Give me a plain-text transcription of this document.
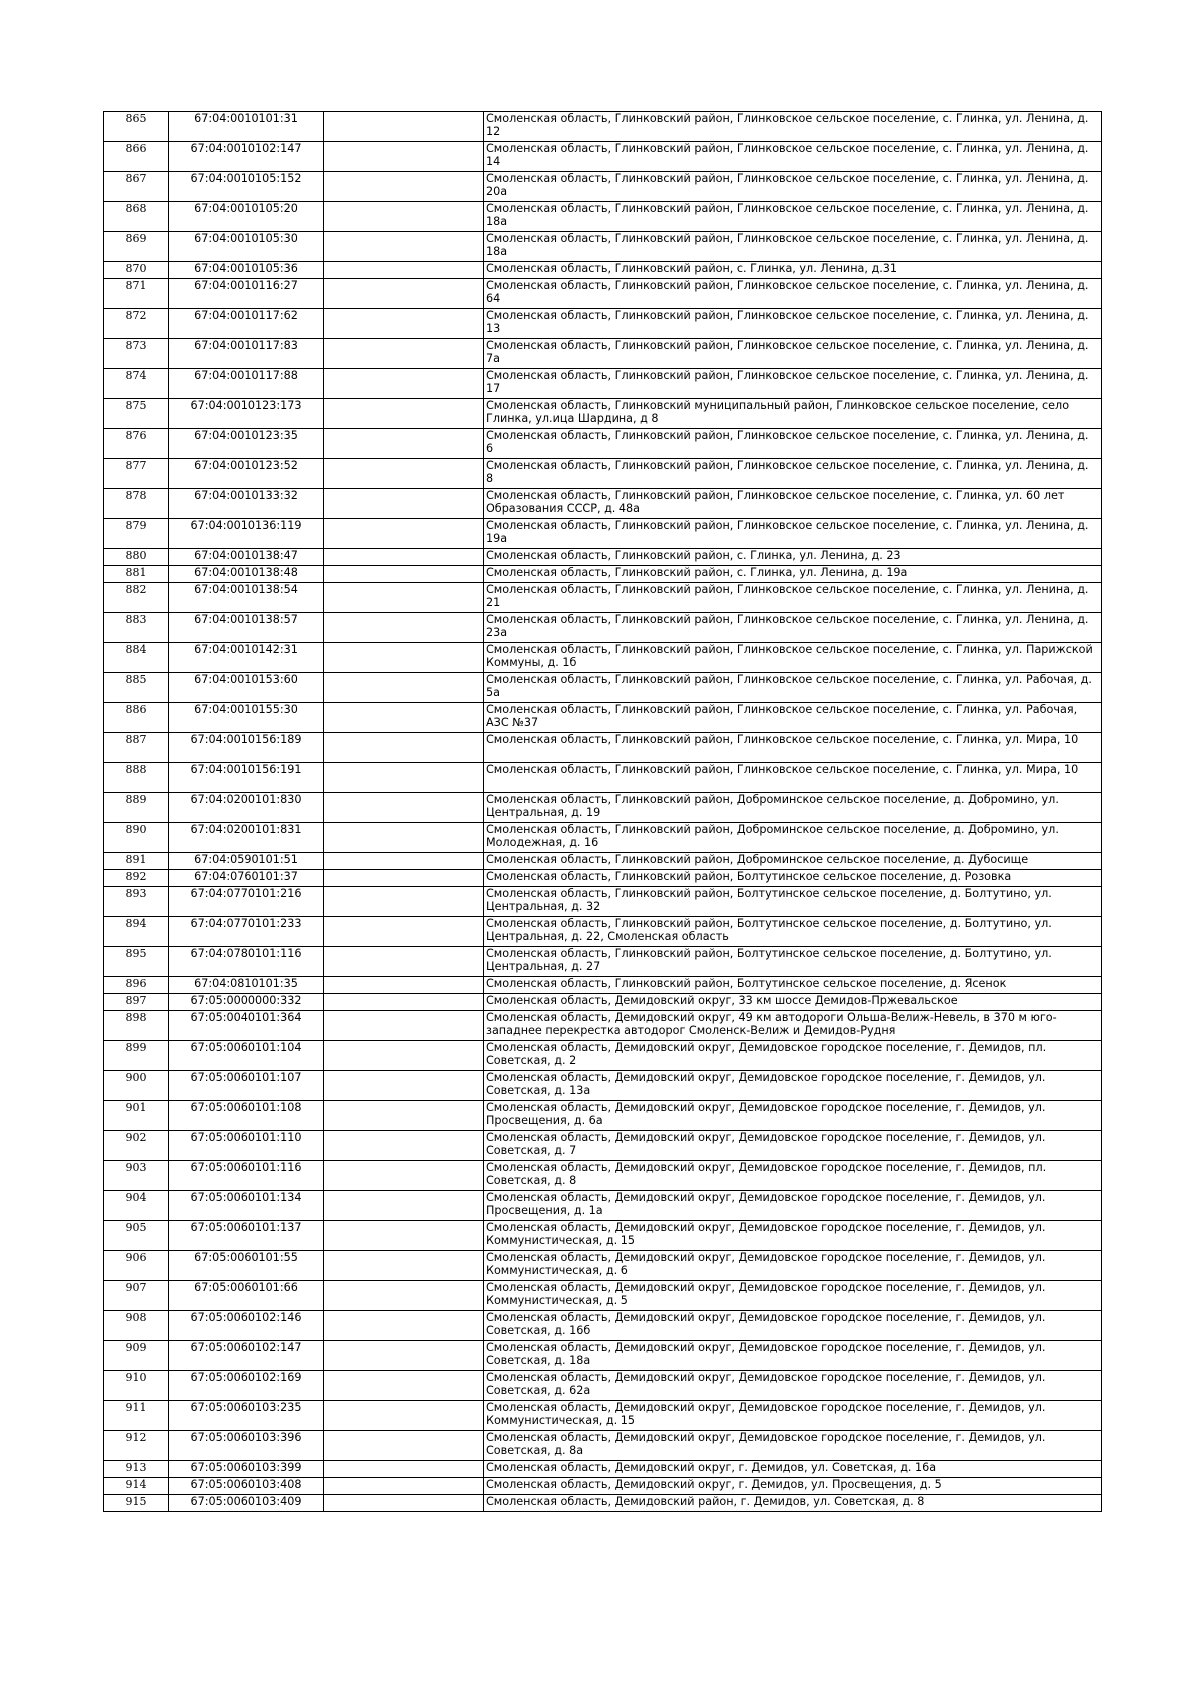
865	67:04:0010101:31		Смоленская область, Глинковский район, Глинковское сельское поселение, с. Глинка, ул. Ленина, д. 12

866	67:04:0010102:147		Смоленская область, Глинковский район, Глинковское сельское поселение, с. Глинка, ул. Ленина, д. 14

867	67:04:0010105:152		Смоленская область, Глинковский район, Глинковское сельское поселение, с. Глинка, ул. Ленина, д. 20а

868	67:04:0010105:20		Смоленская область, Глинковский район, Глинковское сельское поселение, с. Глинка, ул. Ленина, д. 18а

869	67:04:0010105:30		Смоленская область, Глинковский район, Глинковское сельское поселение, с. Глинка, ул. Ленина, д. 18а

870	67:04:0010105:36		Смоленская область, Глинковский район, с. Глинка, ул. Ленина, д.31

871	67:04:0010116:27		Смоленская область, Глинковский район, Глинковское сельское поселение, с. Глинка, ул. Ленина, д. 64

872	67:04:0010117:62		Смоленская область, Глинковский район, Глинковское сельское поселение, с. Глинка, ул. Ленина, д. 13

873	67:04:0010117:83		Смоленская область, Глинковский район, Глинковское сельское поселение, с. Глинка, ул. Ленина, д. 7а

874	67:04:0010117:88		Смоленская область, Глинковский район, Глинковское сельское поселение, с. Глинка, ул. Ленина, д. 17

875	67:04:0010123:173		Смоленская область, Глинковский муниципальный район, Глинковское сельское поселение, село Глинка, ул.ица Шардина, д 8

876	67:04:0010123:35		Смоленская область, Глинковский район, Глинковское сельское поселение, с. Глинка, ул. Ленина, д. 6

877	67:04:0010123:52		Смоленская область, Глинковский район, Глинковское сельское поселение, с. Глинка, ул. Ленина, д. 8

878	67:04:0010133:32		Смоленская область, Глинковский район, Глинковское сельское поселение, с. Глинка, ул. 60 лет Образования СССР, д. 48а

879	67:04:0010136:119		Смоленская область, Глинковский район, Глинковское сельское поселение, с. Глинка, ул. Ленина, д. 19а

880	67:04:0010138:47		Смоленская область, Глинковский район, с. Глинка, ул. Ленина, д. 23

881	67:04:0010138:48		Смоленская область, Глинковский район, с. Глинка, ул. Ленина, д. 19а

882	67:04:0010138:54		Смоленская область, Глинковский район, Глинковское сельское поселение, с. Глинка, ул. Ленина, д. 21

883	67:04:0010138:57		Смоленская область, Глинковский район, Глинковское сельское поселение, с. Глинка, ул. Ленина, д. 23а

884	67:04:0010142:31		Смоленская область, Глинковский район, Глинковское сельское поселение, с. Глинка, ул. Парижской Коммуны, д. 1б

885	67:04:0010153:60		Смоленская область, Глинковский район, Глинковское сельское поселение, с. Глинка, ул. Рабочая, д. 5а

886	67:04:0010155:30		Смоленская область, Глинковский район, Глинковское сельское поселение, с. Глинка, ул. Рабочая, АЗС №37

887	67:04:0010156:189		Смоленская область, Глинковский район, Глинковское сельское поселение, с. Глинка, ул. Мира, 10

888	67:04:0010156:191		Смоленская область, Глинковский район, Глинковское сельское поселение, с. Глинка, ул. Мира, 10

889	67:04:0200101:830		Смоленская область, Глинковский район, Доброминское сельское поселение, д. Добромино, ул. Центральная, д. 19

890	67:04:0200101:831		Смоленская область, Глинковский район, Доброминское сельское поселение, д. Добромино, ул. Молодежная, д. 16

891	67:04:0590101:51		Смоленская область, Глинковский район, Доброминское сельское поселение, д. Дубосище

892	67:04:0760101:37		Смоленская область, Глинковский район, Болтутинское сельское поселение, д. Розовка

893	67:04:0770101:216		Смоленская область, Глинковский район, Болтутинское сельское поселение, д. Болтутино, ул. Центральная, д. 32

894	67:04:0770101:233		Смоленская область, Глинковский район, Болтутинское сельское поселение, д. Болтутино, ул. Центральная, д. 22, Смоленская область

895	67:04:0780101:116		Смоленская область, Глинковский район, Болтутинское сельское поселение, д. Болтутино, ул. Центральная, д. 27

896	67:04:0810101:35		Смоленская область, Глинковский район, Болтутинское сельское поселение, д. Ясенок

897	67:05:0000000:332		Смоленская область, Демидовский округ, 33 км шоссе Демидов-Пржевальское

898	67:05:0040101:364		Смоленская область, Демидовский округ, 49 км автодороги Ольша-Велиж-Невель, в 370 м юго-западнее перекрестка автодорог Смоленск-Велиж и Демидов-Рудня

899	67:05:0060101:104		Смоленская область, Демидовский округ, Демидовское городское поселение, г. Демидов, пл. Советская, д. 2

900	67:05:0060101:107		Смоленская область, Демидовский округ, Демидовское городское поселение, г. Демидов, ул. Советская, д. 13а

901	67:05:0060101:108		Смоленская область, Демидовский округ, Демидовское городское поселение, г. Демидов, ул. Просвещения, д. 6а

902	67:05:0060101:110		Смоленская область, Демидовский округ, Демидовское городское поселение, г. Демидов, ул. Советская, д. 7

903	67:05:0060101:116		Смоленская область, Демидовский округ, Демидовское городское поселение, г. Демидов, пл. Советская, д. 8

904	67:05:0060101:134		Смоленская область, Демидовский округ, Демидовское городское поселение, г. Демидов, ул. Просвещения, д. 1а

905	67:05:0060101:137		Смоленская область, Демидовский округ, Демидовское городское поселение, г. Демидов, ул. Коммунистическая, д. 15

906	67:05:0060101:55		Смоленская область, Демидовский округ, Демидовское городское поселение, г. Демидов, ул. Коммунистическая, д. 6

907	67:05:0060101:66		Смоленская область, Демидовский округ, Демидовское городское поселение, г. Демидов, ул. Коммунистическая, д. 5

908	67:05:0060102:146		Смоленская область, Демидовский округ, Демидовское городское поселение, г. Демидов, ул. Советская, д. 16б

909	67:05:0060102:147		Смоленская область, Демидовский округ, Демидовское городское поселение, г. Демидов, ул. Советская, д. 18а

910	67:05:0060102:169		Смоленская область, Демидовский округ, Демидовское городское поселение, г. Демидов, ул. Советская, д. 62а

911	67:05:0060103:235		Смоленская область, Демидовский округ, Демидовское городское поселение, г. Демидов, ул. Коммунистическая, д. 15

912	67:05:0060103:396		Смоленская область, Демидовский округ, Демидовское городское поселение, г. Демидов, ул. Советская, д. 8а

913	67:05:0060103:399		Смоленская область, Демидовский округ, г. Демидов, ул. Советская, д. 16а

914	67:05:0060103:408		Смоленская область, Демидовский округ, г. Демидов, ул. Просвещения, д. 5

915	67:05:0060103:409		Смоленская область, Демидовский район, г. Демидов, ул. Советская, д. 8
